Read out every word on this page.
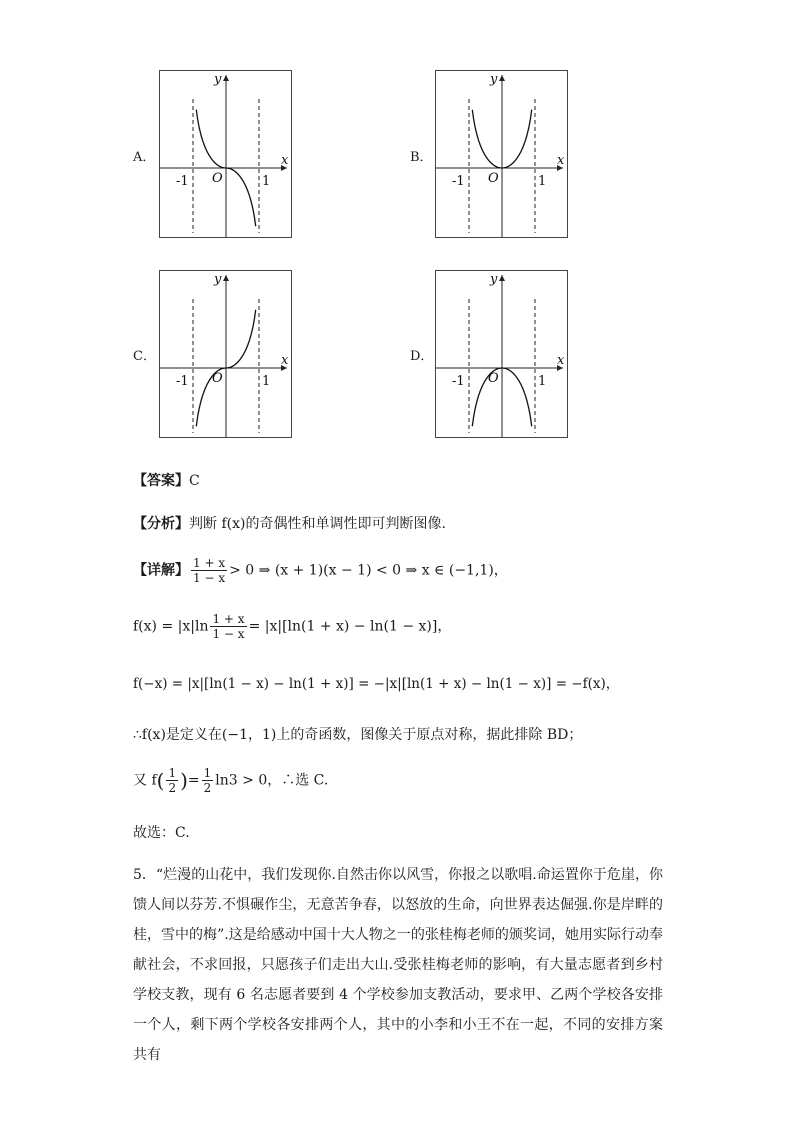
A．	B．
C．	D．
y
x
O
-1	1
y
x
O
-1	1
y
x
O
-1	1
y
x
O
-1	1
【答案】C
【分析】判断 f(x)的奇偶性和单调性即可判断图像.
【详解】 $\frac{1 + x}{1 - x} > 0$ ⇒ (x + 1)(x − 1) < 0 ⇒ x ∈ (−1,1)，
$f(x) = |x|\ln \frac{1 + x}{1 - x} = |x|[\ln(1 + x) - \ln(1 - x)]$，
f(−x) = |x|[ln(1 − x) − ln(1 + x)] = −|x|[ln(1 + x) − ln(1 − x)] = −f(x)，
∴f(x)是定义在(−1，1)上的奇函数，图像关于原点对称，据此排除 BD；
又 $f( \frac{1}{2}$ )= $\frac{1}{2} \ln 3 > 0$，∴选 C.
故选：C.
5．“烂漫的山花中，我们发现你.自然击你以风雪，你报之以歌唱.命运置你于危崖，你馈人间以芬芳.不惧碾作尘，无意苦争春，以怒放的生命，向世界表达倔强.你是岸畔的桂，雪中的梅”.这是给感动中国十大人物之一的张桂梅老师的颁奖词，她用实际行动奉献社会，不求回报，只愿孩子们走出大山.受张桂梅老师的影响，有大量志愿者到乡村学校支教，现有 6 名志愿者要到 4 个学校参加支教活动，要求甲、乙两个学校各安排一个人，剩下两个学校各安排两个人，其中的小李和小王不在一起，不同的安排方案共有
